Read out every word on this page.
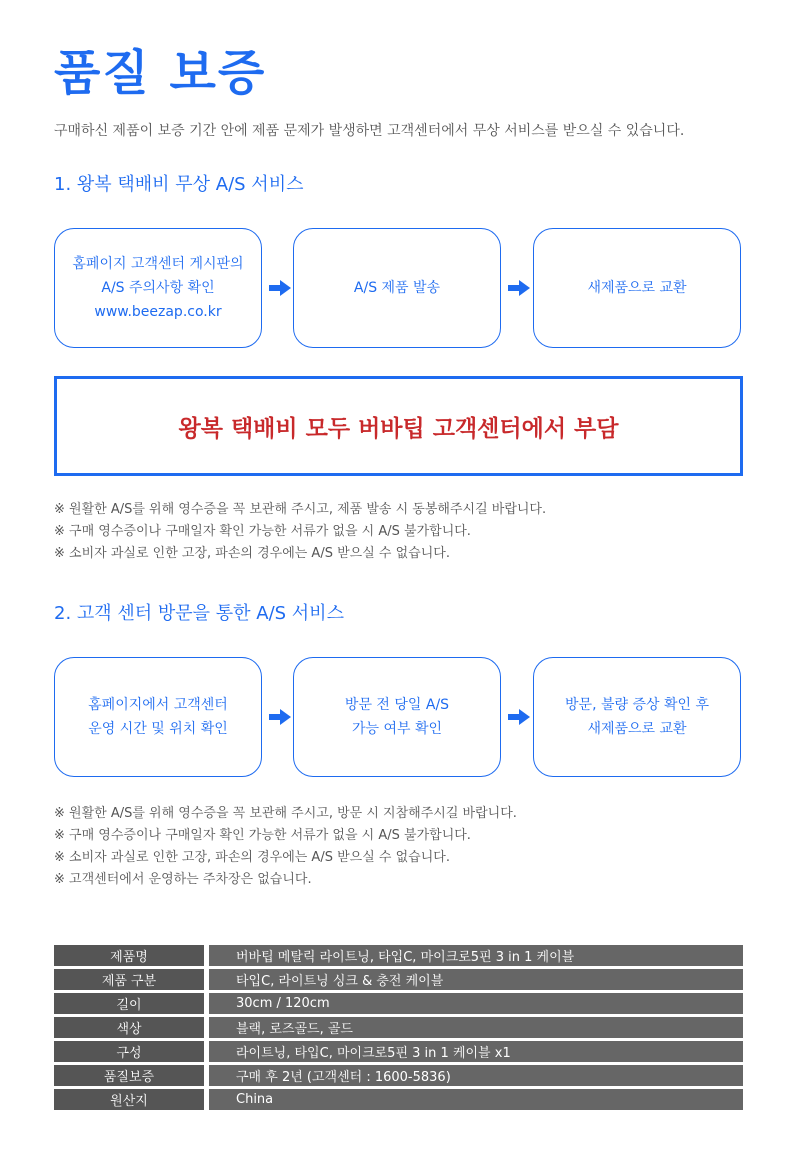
품질 보증
구매하신 제품이 보증 기간 안에 제품 문제가 발생하면 고객센터에서 무상 서비스를 받으실 수 있습니다.
1. 왕복 택배비 무상 A/S 서비스
홈페이지 고객센터 게시판의
A/S 주의사항 확인
www.beezap.co.kr
A/S 제품 발송	새제품으로 교환
왕복 택배비 모두 버바팁 고객센터에서 부담
※ 원활한 A/S를 위해 영수증을 꼭 보관해 주시고, 제품 발송 시 동봉해주시길 바랍니다.
※ 구매 영수증이나 구매일자 확인 가능한 서류가 없을 시 A/S 불가합니다.
※ 소비자 과실로 인한 고장, 파손의 경우에는 A/S 받으실 수 없습니다.
2. 고객 센터 방문을 통한 A/S 서비스
홈페이지에서 고객센터
운영 시간 및 위치 확인
방문 전 당일 A/S
가능 여부 확인
방문, 불량 증상 확인 후
새제품으로 교환
※ 원활한 A/S를 위해 영수증을 꼭 보관해 주시고, 방문 시 지참해주시길 바랍니다.
※ 구매 영수증이나 구매일자 확인 가능한 서류가 없을 시 A/S 불가합니다.
※ 소비자 과실로 인한 고장, 파손의 경우에는 A/S 받으실 수 없습니다.
※ 고객센터에서 운영하는 주차장은 없습니다.
제품명	버바팁 메탈릭 라이트닝, 타입C, 마이크로5핀 3 in 1 케이블
제품 구분	타입C, 라이트닝 싱크 & 충전 케이블
길이	30cm / 120cm
색상	블랙, 로즈골드, 골드
구성	라이트닝, 타입C, 마이크로5핀 3 in 1 케이블 x1
품질보증	구매 후 2년 (고객센터 : 1600-5836)
원산지	China
